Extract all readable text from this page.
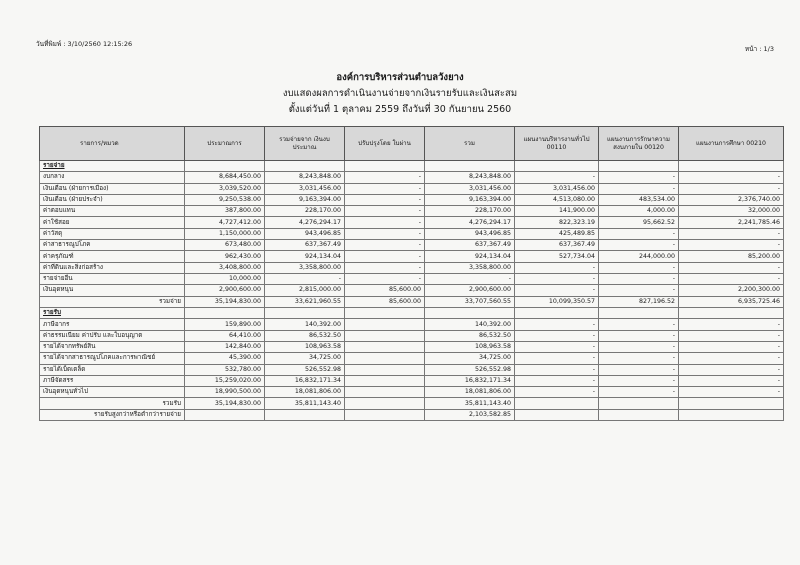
วันที่พิมพ์ : 3/10/2560 12:15:26
หน้า : 1/3
องค์การบริหารส่วนตำบลวังยาง
งบแสดงผลการดำเนินงานจ่ายจากเงินรายรับและเงินสะสม
ตั้งแต่วันที่ 1 ตุลาคม 2559 ถึงวันที่ 30 กันยายน 2560
รายการ/หมวด	ประมาณการ	รวมจ่ายจาก เงินงบประมาณ	ปรับปรุงโดย ใบผ่าน	รวม	แผนงานบริหารงานทั่วไป 00110	แผนงานการรักษาความ สงบภายใน 00120	แผนงานการศึกษา 00210
รายจ่าย							
งบกลาง	8,684,450.00	8,243,848.00	-	8,243,848.00	-	-	-
เงินเดือน (ฝ่ายการเมือง)	3,039,520.00	3,031,456.00	-	3,031,456.00	3,031,456.00	-	-
เงินเดือน (ฝ่ายประจำ)	9,250,538.00	9,163,394.00	-	9,163,394.00	4,513,080.00	483,534.00	2,376,740.00
ค่าตอบแทน	387,800.00	228,170.00	-	228,170.00	141,900.00	4,000.00	32,000.00
ค่าใช้สอย	4,727,412.00	4,276,294.17	-	4,276,294.17	822,323.19	95,662.52	2,241,785.46
ค่าวัสดุ	1,150,000.00	943,496.85	-	943,496.85	425,489.85	-	-
ค่าสาธารณูปโภค	673,480.00	637,367.49	-	637,367.49	637,367.49	-	-
ค่าครุภัณฑ์	962,430.00	924,134.04	-	924,134.04	527,734.04	244,000.00	85,200.00
ค่าที่ดินและสิ่งก่อสร้าง	3,408,800.00	3,358,800.00	-	3,358,800.00	-	-	-
รายจ่ายอื่น	10,000.00	-	-	-	-	-	-
เงินอุดหนุน	2,900,600.00	2,815,000.00	85,600.00	2,900,600.00	-	-	2,200,300.00
รวมจ่าย	35,194,830.00	33,621,960.55	85,600.00	33,707,560.55	10,099,350.57	827,196.52	6,935,725.46
รายรับ							
ภาษีอากร	159,890.00	140,392.00		140,392.00	-	-	-
ค่าธรรมเนียม ค่าปรับ และใบอนุญาต	64,410.00	86,532.50		86,532.50	-	-	-
รายได้จากทรัพย์สิน	142,840.00	108,963.58		108,963.58	-	-	-
รายได้จากสาธารณูปโภคและการพาณิชย์	45,390.00	34,725.00		34,725.00	-	-	-
รายได้เบ็ดเตล็ด	532,780.00	526,552.98		526,552.98	-	-	-
ภาษีจัดสรร	15,259,020.00	16,832,171.34		16,832,171.34	-	-	-
เงินอุดหนุนทั่วไป	18,990,500.00	18,081,806.00		18,081,806.00	-	-	-
รวมรับ	35,194,830.00	35,811,143.40		35,811,143.40			
รายรับสูงกว่าหรือต่ำกว่ารายจ่าย				2,103,582.85			
